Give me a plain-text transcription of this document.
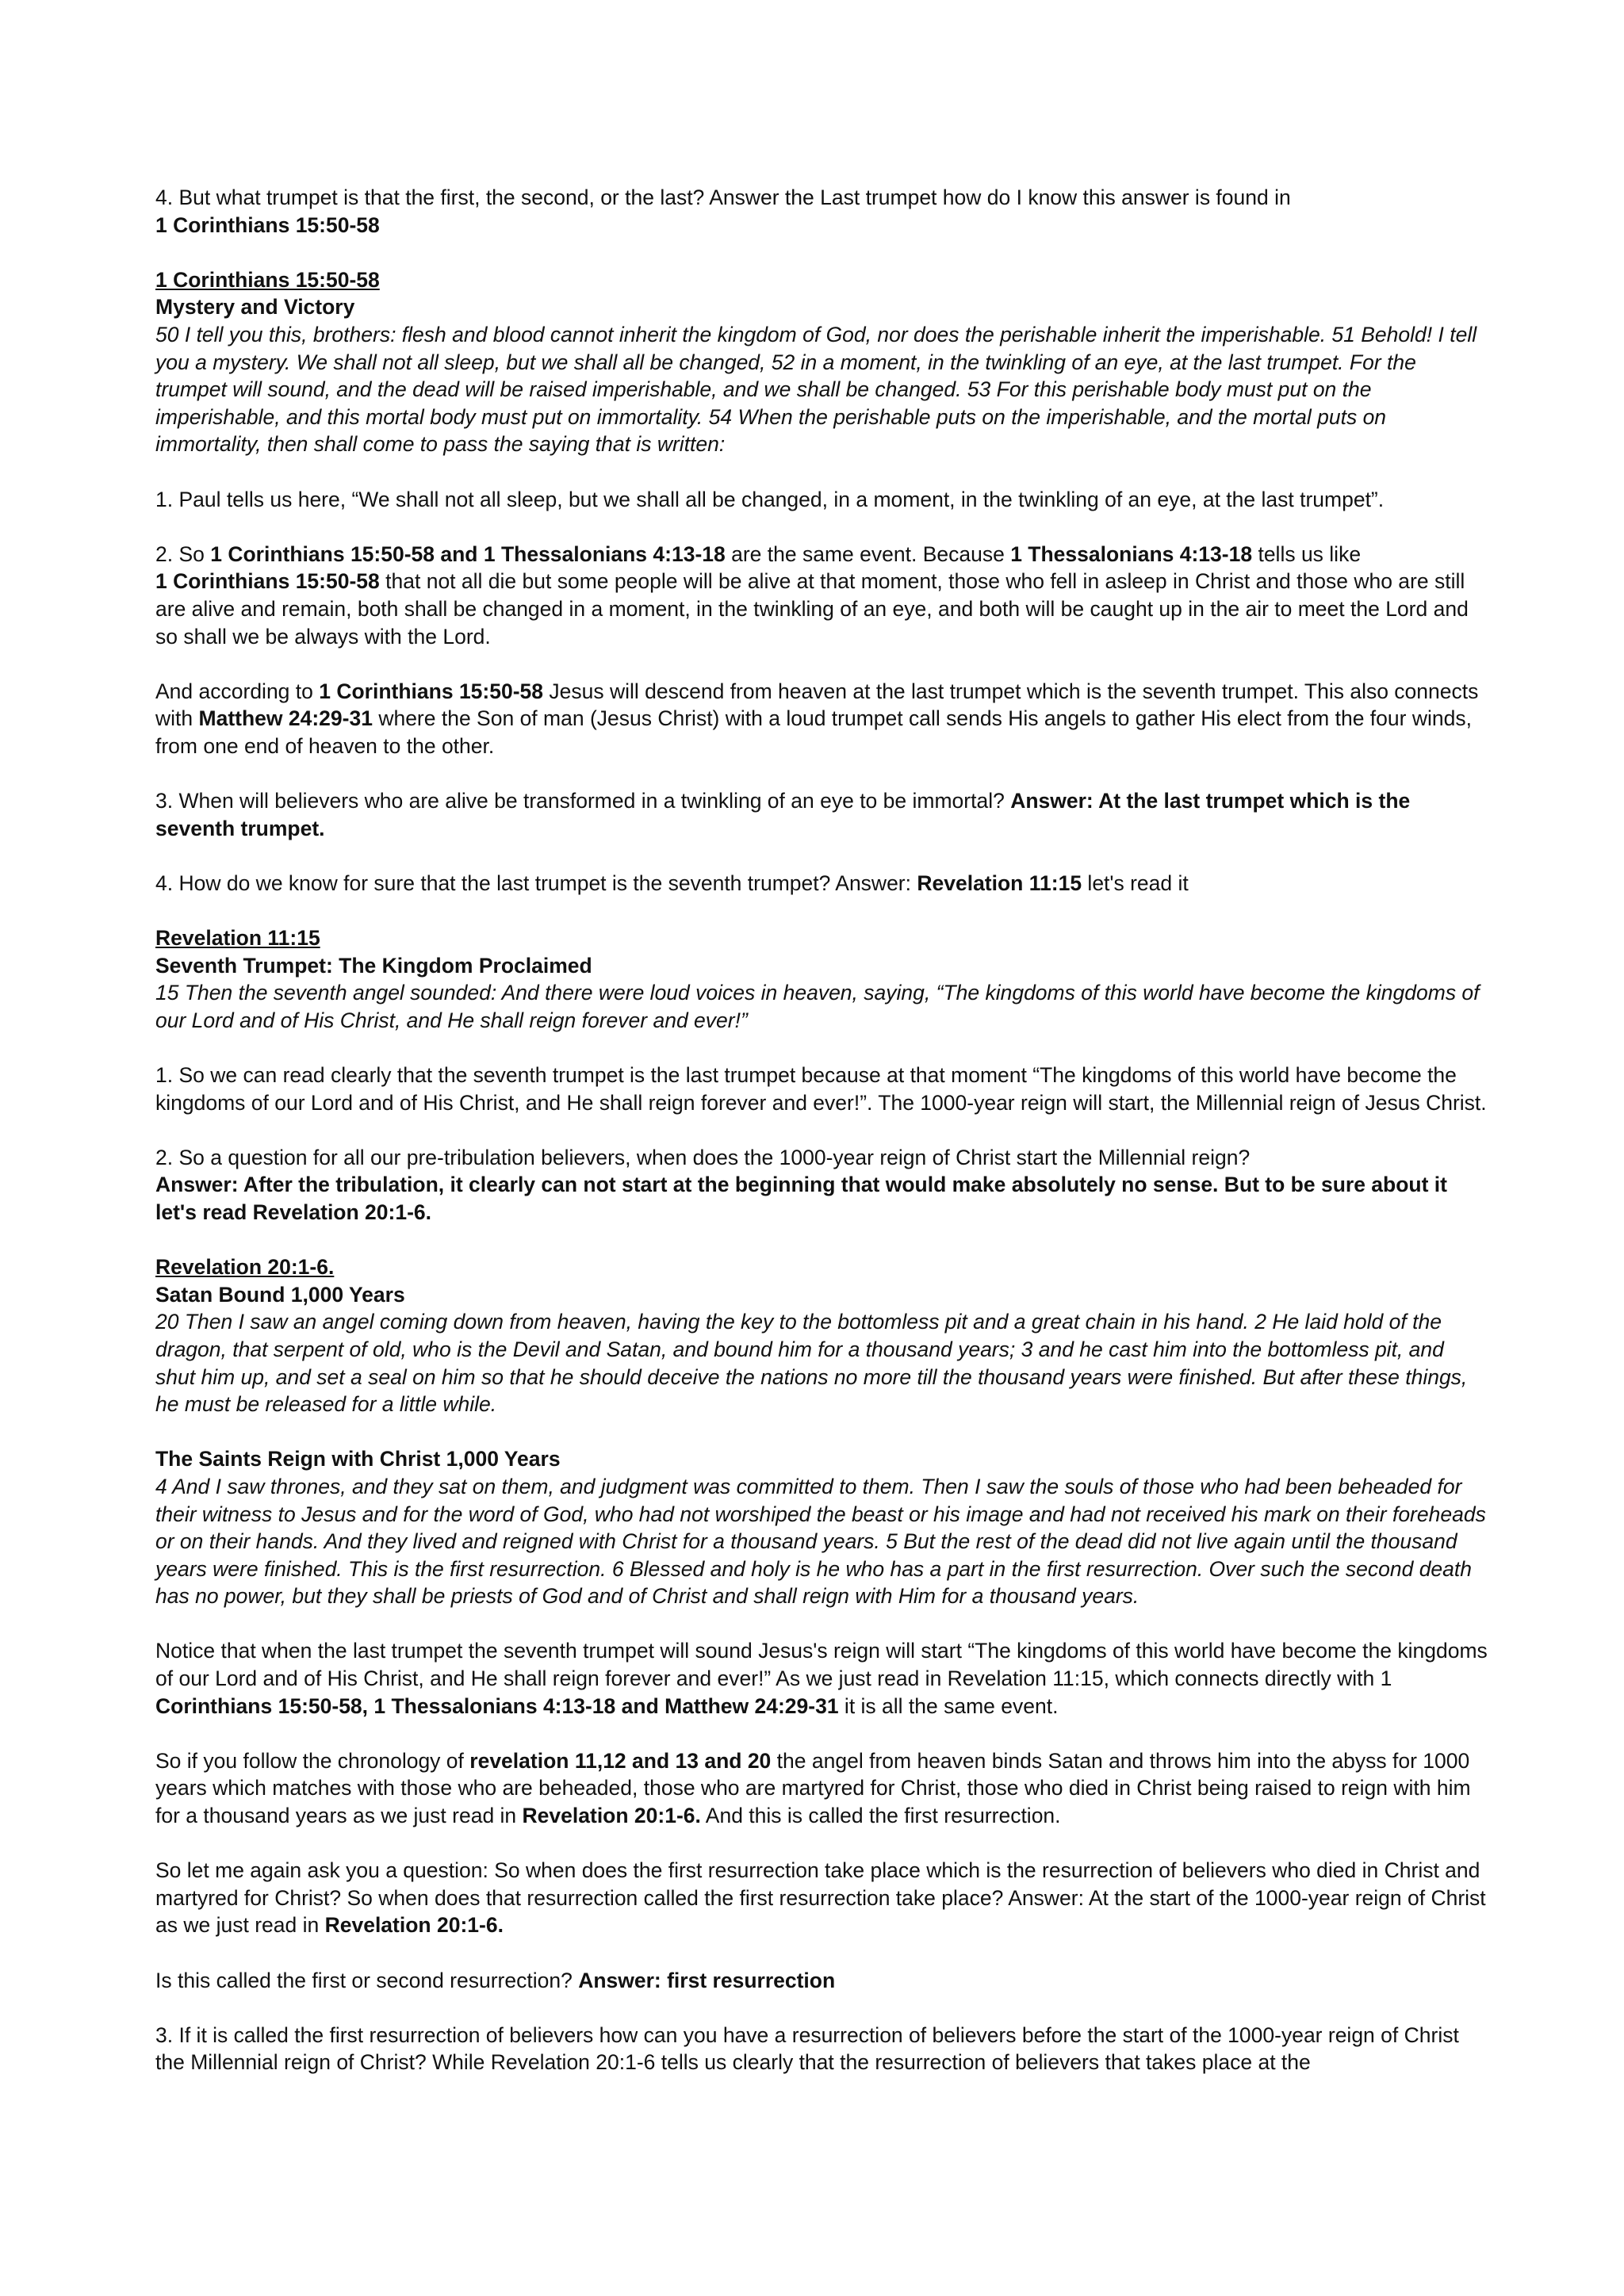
4. But what trumpet is that the first, the second, or the last? Answer the Last trumpet how do I know this answer is found in
1 Corinthians 15:50-58

1 Corinthians 15:50-58

Mystery and Victory

50 I tell you this, brothers: flesh and blood cannot inherit the kingdom of God, nor does the perishable inherit the imperishable. 51 Behold! I tell you a mystery. We shall not all sleep, but we shall all be changed, 52 in a moment, in the twinkling of an eye, at the last trumpet. For the trumpet will sound, and the dead will be raised imperishable, and we shall be changed. 53 For this perishable body must put on the imperishable, and this mortal body must put on immortality. 54 When the perishable puts on the imperishable, and the mortal puts on immortality, then shall come to pass the saying that is written:

1. Paul tells us here, “We shall not all sleep, but we shall all be changed, in a moment, in the twinkling of an eye, at the last trumpet”.

2. So 1 Corinthians 15:50-58 and 1 Thessalonians 4:13-18 are the same event. Because 1 Thessalonians 4:13-18 tells us like
1 Corinthians 15:50-58 that not all die but some people will be alive at that moment, those who fell in asleep in Christ and those who are still are alive and remain, both shall be changed in a moment, in the twinkling of an eye, and both will be caught up in the air to meet the Lord and so shall we be always with the Lord.

And according to 1 Corinthians 15:50-58 Jesus will descend from heaven at the last trumpet which is the seventh trumpet. This also connects with Matthew 24:29-31 where the Son of man (Jesus Christ) with a loud trumpet call sends His angels to gather His elect from the four winds, from one end of heaven to the other.

3. When will believers who are alive be transformed in a twinkling of an eye to be immortal? Answer: At the last trumpet which is the seventh trumpet.

4. How do we know for sure that the last trumpet is the seventh trumpet? Answer: Revelation 11:15 let's read it

Revelation 11:15

Seventh Trumpet: The Kingdom Proclaimed

15 Then the seventh angel sounded: And there were loud voices in heaven, saying, “The kingdoms of this world have become the kingdoms of our Lord and of His Christ, and He shall reign forever and ever!”

1. So we can read clearly that the seventh trumpet is the last trumpet because at that moment “The kingdoms of this world have become the kingdoms of our Lord and of His Christ, and He shall reign forever and ever!”. The 1000-year reign will start, the Millennial reign of Jesus Christ.

2. So a question for all our pre-tribulation believers, when does the 1000-year reign of Christ start the Millennial reign?
Answer: After the tribulation, it clearly can not start at the beginning that would make absolutely no sense. But to be sure about it let's read Revelation 20:1-6.

Revelation 20:1-6.

Satan Bound 1,000 Years

20 Then I saw an angel coming down from heaven, having the key to the bottomless pit and a great chain in his hand. 2 He laid hold of the dragon, that serpent of old, who is the Devil and Satan, and bound him for a thousand years; 3 and he cast him into the bottomless pit, and shut him up, and set a seal on him so that he should deceive the nations no more till the thousand years were finished. But after these things, he must be released for a little while.

The Saints Reign with Christ 1,000 Years

4 And I saw thrones, and they sat on them, and judgment was committed to them. Then I saw the souls of those who had been beheaded for their witness to Jesus and for the word of God, who had not worshiped the beast or his image and had not received his mark on their foreheads or on their hands. And they lived and reigned with Christ for a thousand years. 5 But the rest of the dead did not live again until the thousand years were finished. This is the first resurrection. 6 Blessed and holy is he who has a part in the first resurrection. Over such the second death has no power, but they shall be priests of God and of Christ and shall reign with Him for a thousand years.

Notice that when the last trumpet the seventh trumpet will sound Jesus's reign will start “The kingdoms of this world have become the kingdoms of our Lord and of His Christ, and He shall reign forever and ever!” As we just read in Revelation 11:15, which connects directly with 1 Corinthians 15:50-58, 1 Thessalonians 4:13-18 and Matthew 24:29-31 it is all the same event.

So if you follow the chronology of revelation 11,12 and 13 and 20 the angel from heaven binds Satan and throws him into the abyss for 1000 years which matches with those who are beheaded, those who are martyred for Christ, those who died in Christ being raised to reign with him for a thousand years as we just read in Revelation 20:1-6. And this is called the first resurrection.

So let me again ask you a question: So when does the first resurrection take place which is the resurrection of believers who died in Christ and martyred for Christ? So when does that resurrection called the first resurrection take place? Answer: At the start of the 1000-year reign of Christ as we just read in Revelation 20:1-6.

Is this called the first or second resurrection? Answer: first resurrection

3. If it is called the first resurrection of believers how can you have a resurrection of believers before the start of the 1000-year reign of Christ the Millennial reign of Christ? While Revelation 20:1-6 tells us clearly that the resurrection of believers that takes place at the
